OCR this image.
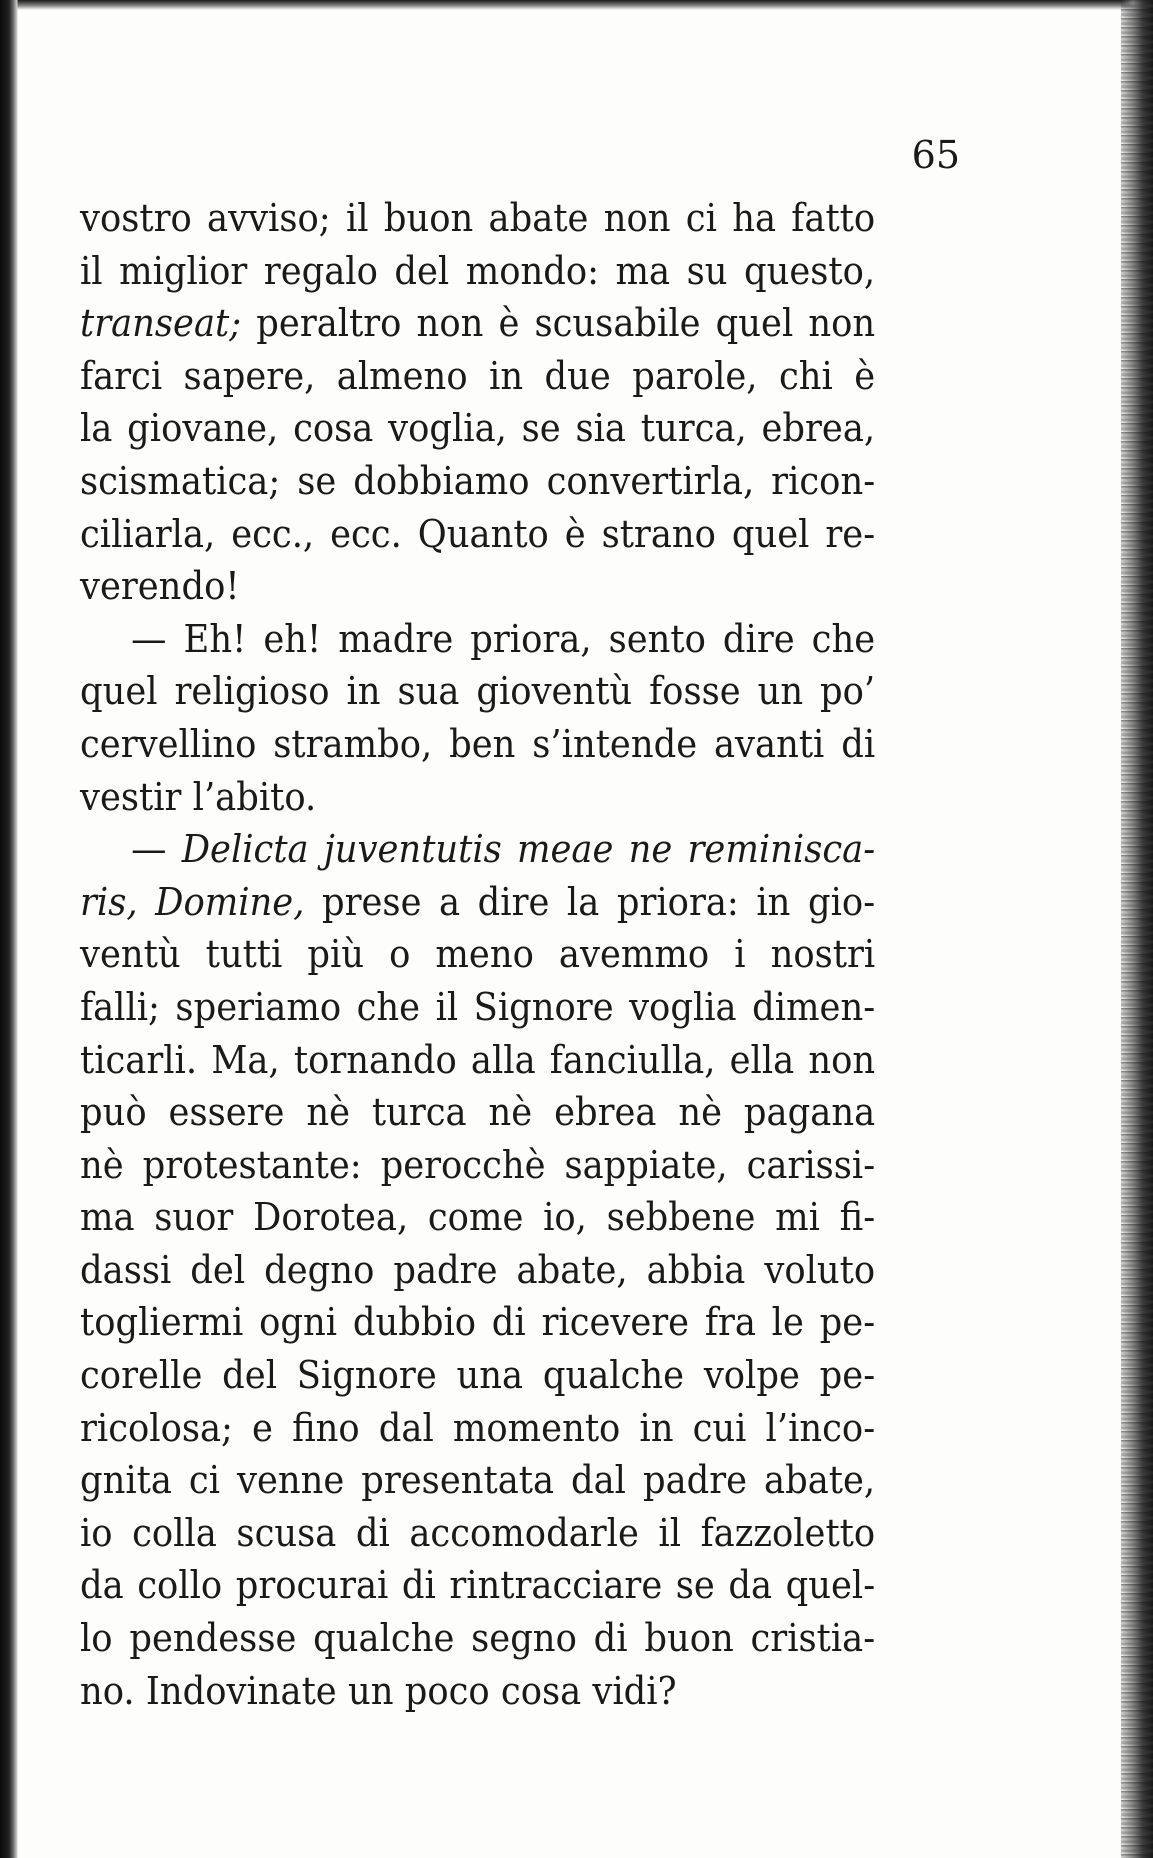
65
vostro avviso; il buon abate non ci ha fatto
il miglior regalo del mondo: ma su questo,
transeat; peraltro non è scusabile quel non
farci sapere, almeno in due parole, chi è
la giovane, cosa voglia, se sia turca, ebrea,
scismatica; se dobbiamo convertirla, ricon-
ciliarla, ecc., ecc. Quanto è strano quel re-
verendo!
— Eh! eh! madre priora, sento dire che
quel religioso in sua gioventù fosse un po’
cervellino strambo, ben s’intende avanti di
vestir l’abito.
— Delicta juventutis meae ne reminisca-
ris, Domine, prese a dire la priora: in gio-
ventù tutti più o meno avemmo i nostri
falli; speriamo che il Signore voglia dimen-
ticarli. Ma, tornando alla fanciulla, ella non
può essere nè turca nè ebrea nè pagana
nè protestante: perocchè sappiate, carissi-
ma suor Dorotea, come io, sebbene mi fi-
dassi del degno padre abate, abbia voluto
togliermi ogni dubbio di ricevere fra le pe-
corelle del Signore una qualche volpe pe-
ricolosa; e fino dal momento in cui l’inco-
gnita ci venne presentata dal padre abate,
io colla scusa di accomodarle il fazzoletto
da collo procurai di rintracciare se da quel-
lo pendesse qualche segno di buon cristia-
no. Indovinate un poco cosa vidi?
